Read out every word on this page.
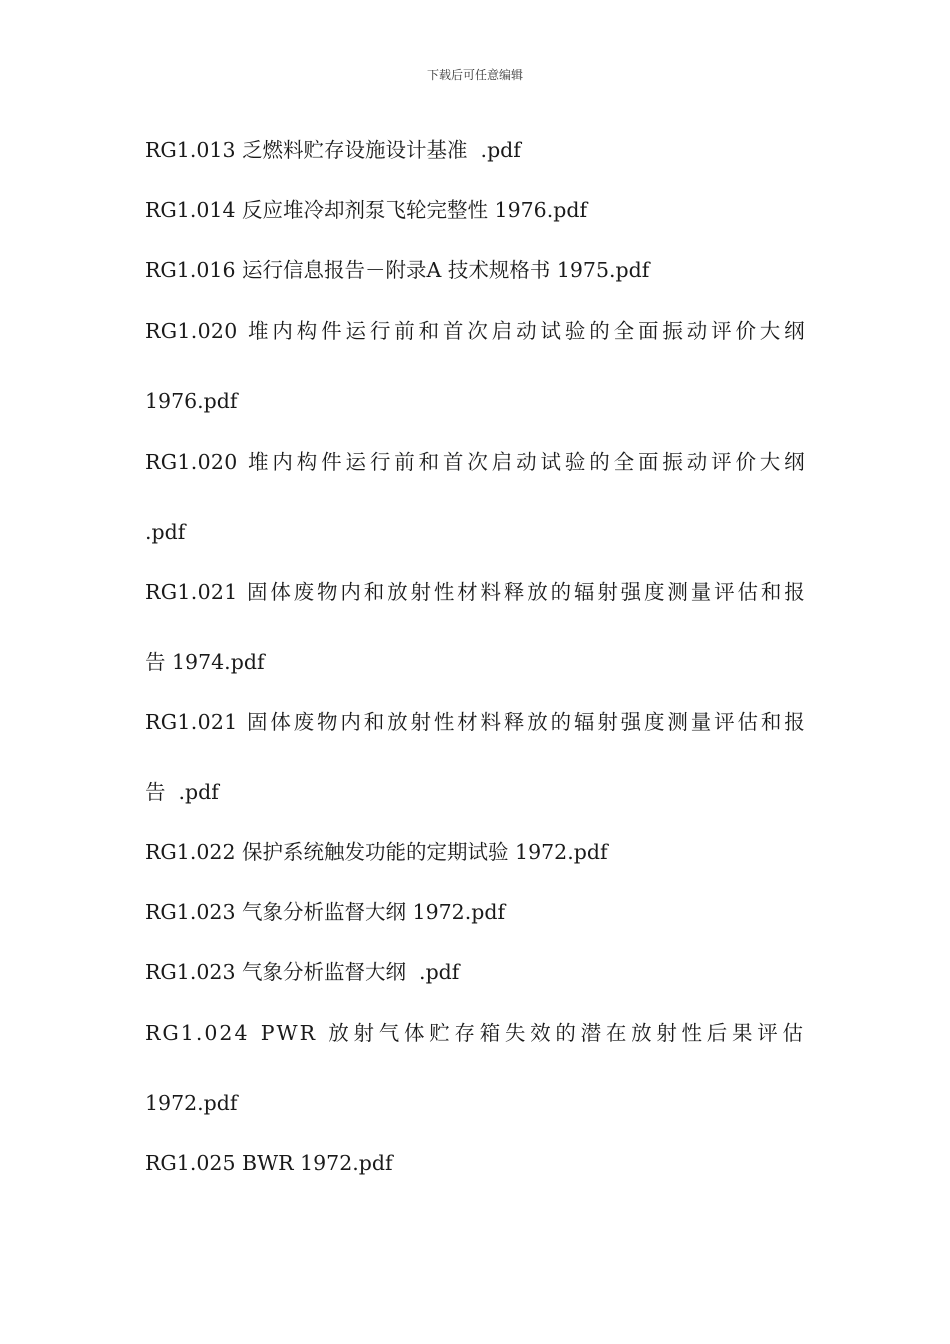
下载后可任意编辑
RG1.013 乏燃料贮存设施设计基准  .pdf
RG1.014 反应堆冷却剂泵飞轮完整性 1976.pdf
RG1.016 运行信息报告－附录A 技术规格书 1975.pdf
RG1.020 堆内构件运行前和首次启动试验的全面振动评价大纲
1976.pdf
RG1.020 堆内构件运行前和首次启动试验的全面振动评价大纲
.pdf
RG1.021 固体废物内和放射性材料释放的辐射强度测量评估和报
告 1974.pdf
RG1.021 固体废物内和放射性材料释放的辐射强度测量评估和报
告  .pdf
RG1.022 保护系统触发功能的定期试验 1972.pdf
RG1.023 气象分析监督大纲 1972.pdf
RG1.023 气象分析监督大纲  .pdf
RG1.024 PWR 放射气体贮存箱失效的潜在放射性后果评估
1972.pdf
RG1.025 BWR 1972.pdf
